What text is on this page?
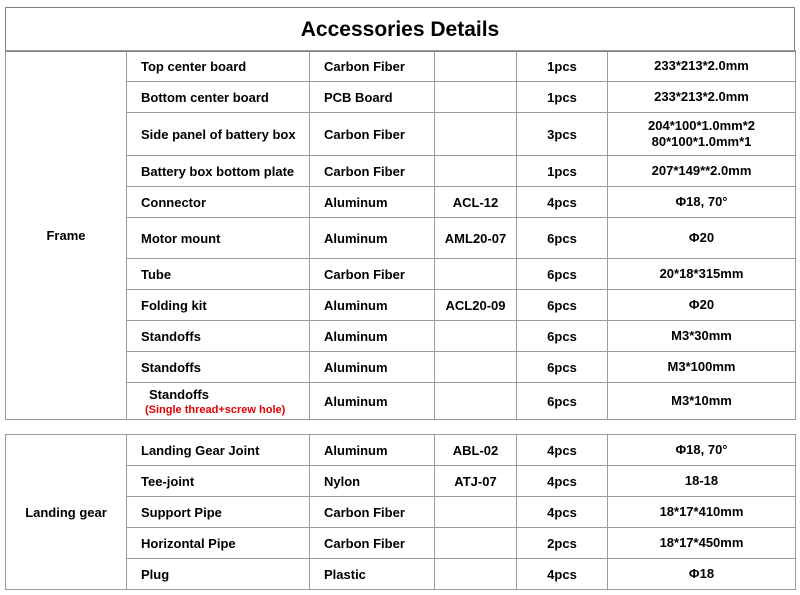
Accessories Details
Frame	Top center board	Carbon Fiber		1pcs	233*213*2.0mm

	Bottom center board	PCB Board		1pcs	233*213*2.0mm

	Side panel of battery box	Carbon Fiber		3pcs	204*100*1.0mm*2
80*100*1.0mm*1

	Battery box bottom plate	Carbon Fiber		1pcs	207*149**2.0mm

	Connector	Aluminum	ACL-12	4pcs	Φ18, 70°

	Motor mount	Aluminum	AML20-07	6pcs	Φ20

	Tube	Carbon Fiber		6pcs	20*18*315mm

	Folding kit	Aluminum	ACL20-09	6pcs	Φ20

	Standoffs	Aluminum		6pcs	M3*30mm

	Standoffs	Aluminum		6pcs	M3*100mm

	Standoffs
(Single thread+screw hole)	Aluminum		6pcs	M3*10mm
Landing gear	Landing Gear Joint	Aluminum	ABL-02	4pcs	Φ18, 70°

	Tee-joint	Nylon	ATJ-07	4pcs	18-18

	Support Pipe	Carbon Fiber		4pcs	18*17*410mm

	Horizontal Pipe	Carbon Fiber		2pcs	18*17*450mm

	Plug	Plastic		4pcs	Φ18
